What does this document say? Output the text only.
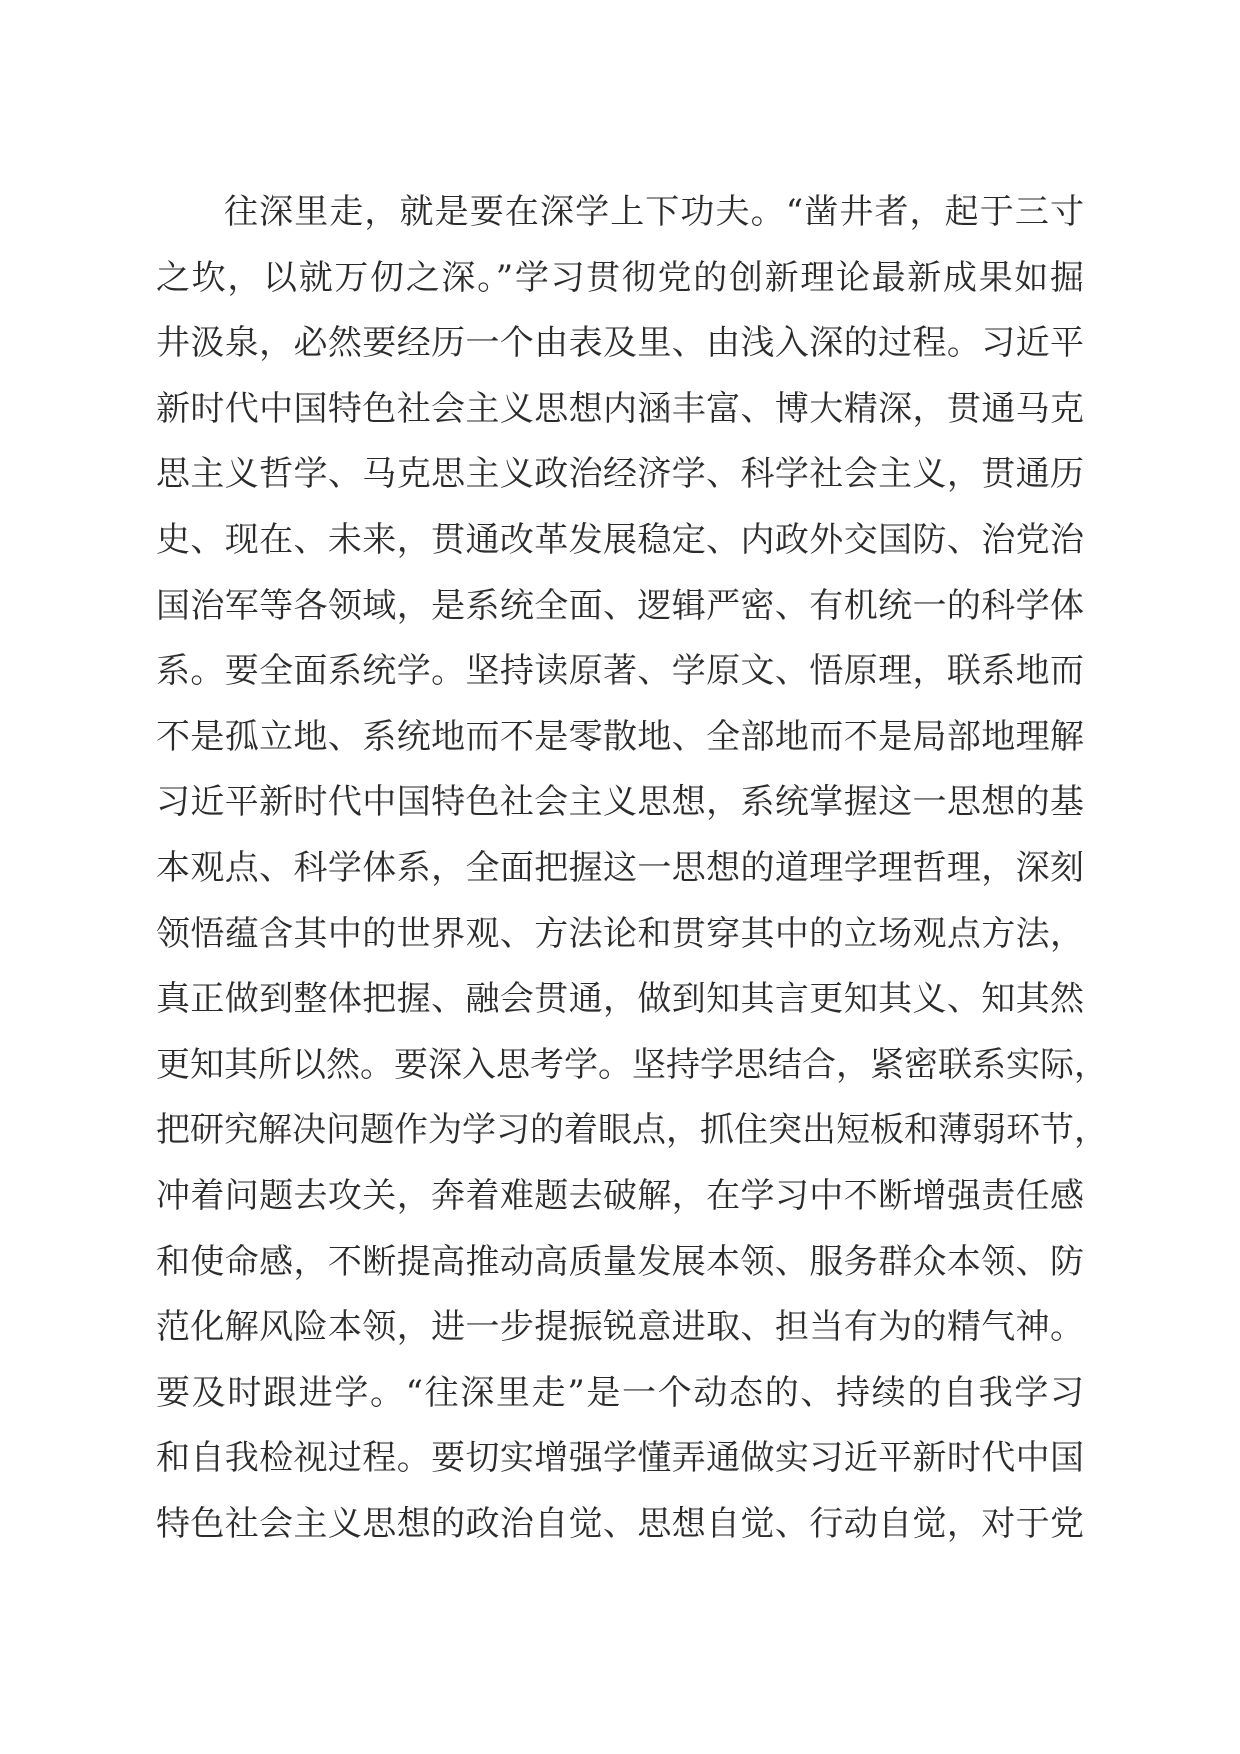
往深里走，就是要在深学上下功夫。“凿井者，起于三寸
之坎，以就万仞之深。”学习贯彻党的创新理论最新成果如掘
井汲泉，必然要经历一个由表及里、由浅入深的过程。习近平
新时代中国特色社会主义思想内涵丰富、博大精深，贯通马克
思主义哲学、马克思主义政治经济学、科学社会主义，贯通历
史、现在、未来，贯通改革发展稳定、内政外交国防、治党治
国治军等各领域，是系统全面、逻辑严密、有机统一的科学体
系。要全面系统学。坚持读原著、学原文、悟原理，联系地而
不是孤立地、系统地而不是零散地、全部地而不是局部地理解
习近平新时代中国特色社会主义思想，系统掌握这一思想的基
本观点、科学体系，全面把握这一思想的道理学理哲理，深刻
领悟蕴含其中的世界观、方法论和贯穿其中的立场观点方法，
真正做到整体把握、融会贯通，做到知其言更知其义、知其然
更知其所以然。要深入思考学。坚持学思结合，紧密联系实际，
把研究解决问题作为学习的着眼点，抓住突出短板和薄弱环节，
冲着问题去攻关，奔着难题去破解，在学习中不断增强责任感
和使命感，不断提高推动高质量发展本领、服务群众本领、防
范化解风险本领，进一步提振锐意进取、担当有为的精气神。
要及时跟进学。“往深里走”是一个动态的、持续的自我学习
和自我检视过程。要切实增强学懂弄通做实习近平新时代中国
特色社会主义思想的政治自觉、思想自觉、行动自觉，对于党
